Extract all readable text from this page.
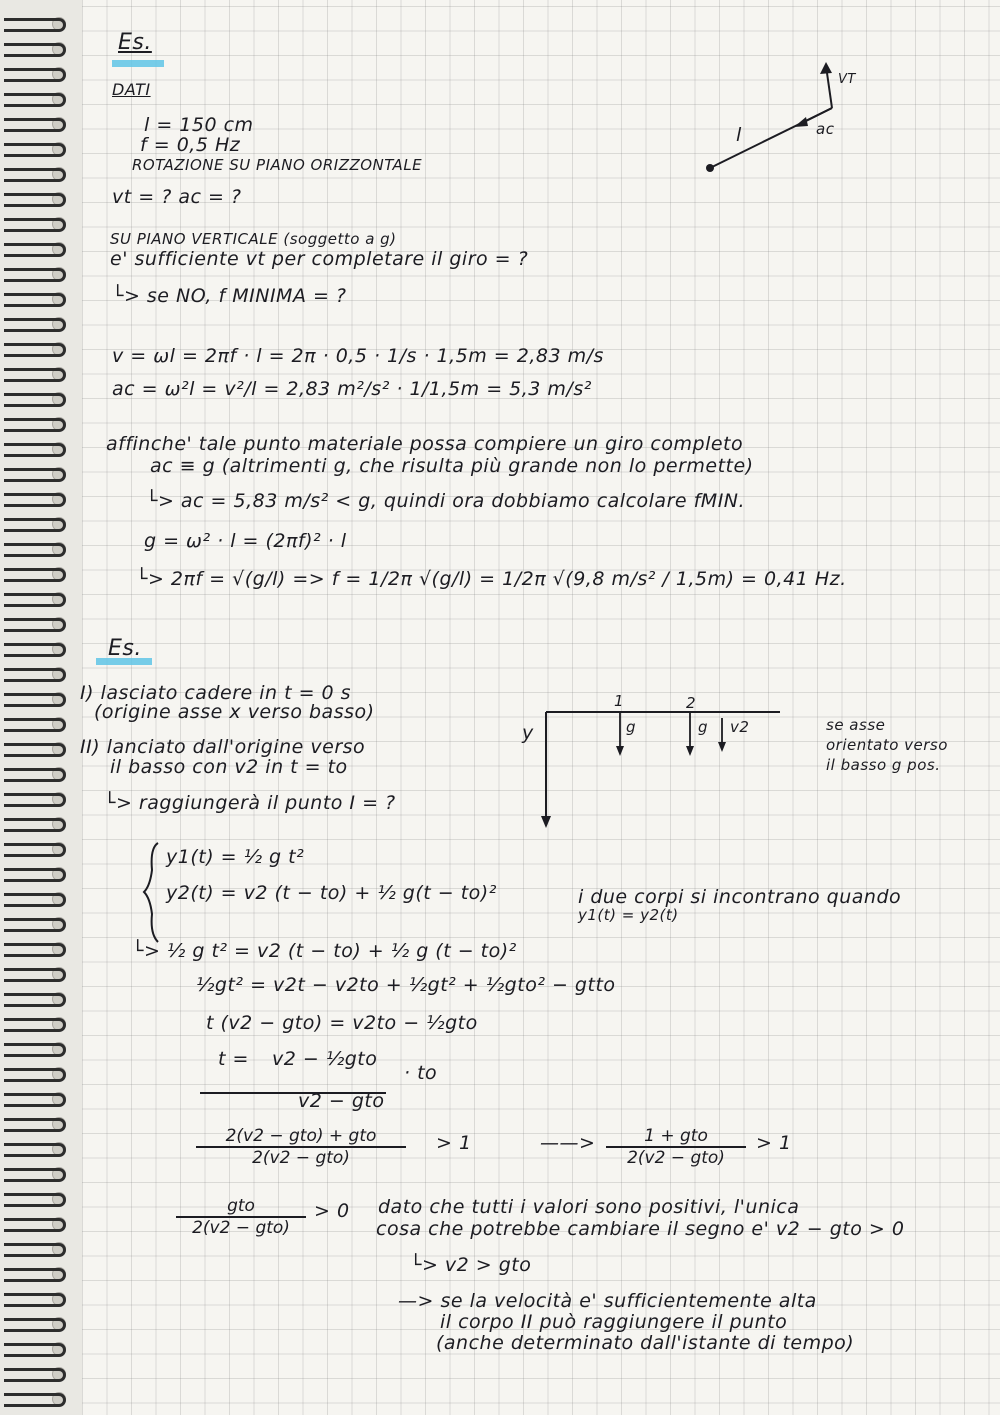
Es.
DATI
l = 150 cm
f = 0,5 Hz
ROTAZIONE SU PIANO ORIZZONTALE
vt = ? ac = ?
SU PIANO VERTICALE (soggetto a g)
e' sufficiente vt per completare il giro = ?
└> se NO, f MINIMA = ?
v = ωl = 2πf · l = 2π · 0,5 · 1/s · 1,5m = 2,83 m/s
ac = ω²l = v²/l = 2,83 m²/s² · 1/1,5m = 5,3 m/s²
affinche' tale punto materiale possa compiere un giro completo
ac ≡ g (altrimenti g, che risulta più grande non lo permette)
└> ac = 5,83 m/s² < g, quindi ora dobbiamo calcolare fMIN.
g = ω² · l = (2πf)² · l
└> 2πf = √(g/l) => f = 1/2π √(g/l) = 1/2π √(9,8 m/s² / 1,5m) = 0,41 Hz.
VT
ac
l
Es.
I) lasciato cadere in t = 0 s
(origine asse x verso basso)
II) lanciato dall'origine verso
il basso con v2 in t = to
└> raggiungerà il punto I = ?
y
1	2
g	g v2	se asse
orientato verso
il basso g pos.
y1(t) = ½ g t²
y2(t) = v2 (t − to) + ½ g(t − to)²	i due corpi si incontrano quando
y1(t) = y2(t)
└> ½ g t² = v2 (t − to) + ½ g (t − to)²
½gt² = v2t − v2to + ½gt² + ½gto² − gtto
t (v2 − gto) = v2to − ½gto
t = v2 − ½gto
· to
v2 − gto
2(v2 − gto) + gto
2(v2 − gto)
> 1	——>	1 + gto
2(v2 − gto)
> 1
gto
2(v2 − gto)
> 0 dato che tutti i valori sono positivi, l'unica
cosa che potrebbe cambiare il segno e' v2 − gto > 0
└> v2 > gto
—> se la velocità e' sufficientemente alta
il corpo II può raggiungere il punto
(anche determinato dall'istante di tempo)
